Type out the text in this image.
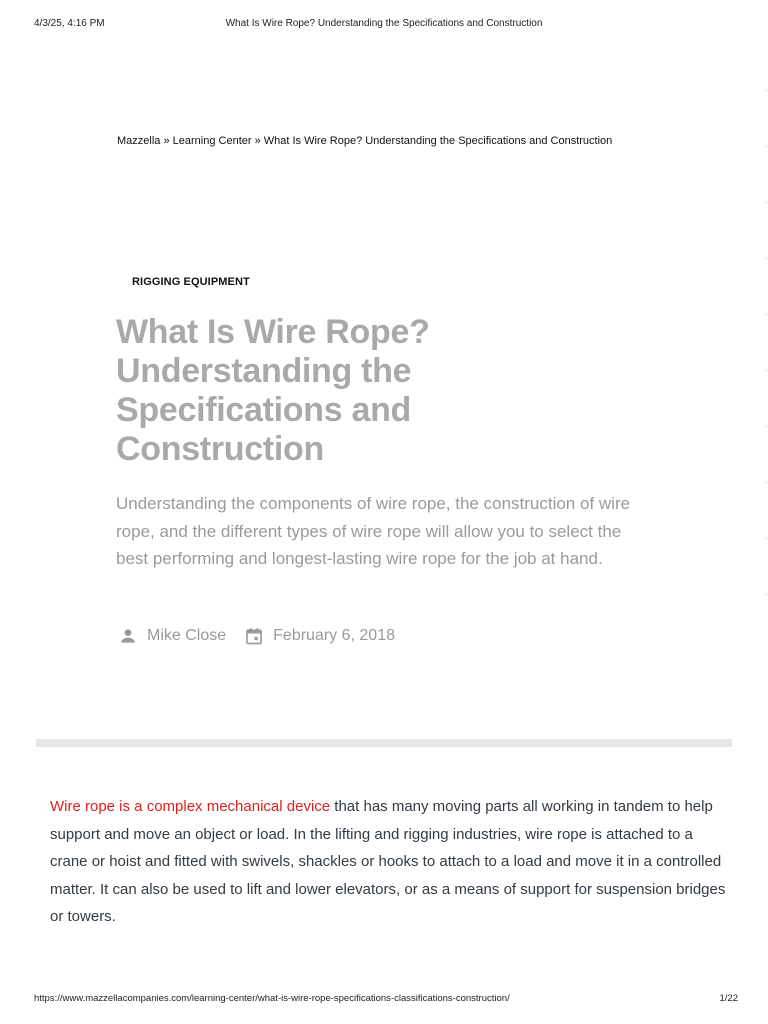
4/3/25, 4:16 PM	What Is Wire Rope? Understanding the Specifications and Construction
Mazzella » Learning Center » What Is Wire Rope? Understanding the Specifications and Construction
RIGGING EQUIPMENT
What Is Wire Rope? Understanding the Specifications and Construction

Understanding the components of wire rope, the construction of wire rope, and the different types of wire rope will allow you to select the best performing and longest-lasting wire rope for the job at hand.

Mike Close	February 6, 2018

Wire rope is a complex mechanical device that has many moving parts all working in tandem to help support and move an object or load. In the lifting and rigging industries, wire rope is attached to a crane or hoist and fitted with swivels, shackles or hooks to attach to a load and move it in a controlled matter. It can also be used to lift and lower elevators, or as a means of support for suspension bridges or towers.

https://www.mazzellacompanies.com/learning-center/what-is-wire-rope-specifications-classifications-construction/	1/22
